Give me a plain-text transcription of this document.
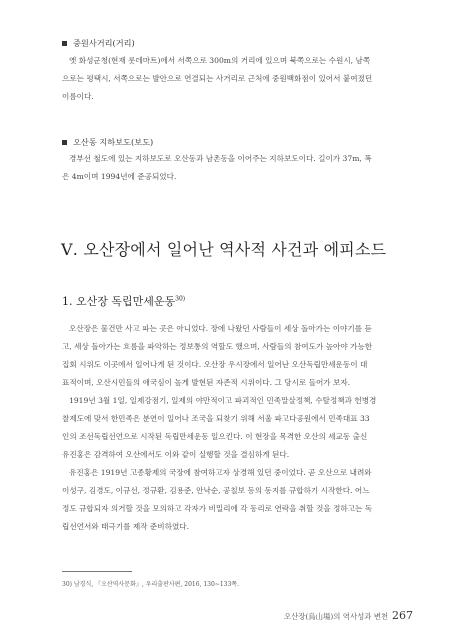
중원사거리(거리)
옛 화성군청(현재 롯데마트)에서 서쪽으로 300m의 거리에 있으며 북쪽으로는 수원시, 남쪽
으로는 평택시, 서쪽으로는 발안으로 연결되는 사거리로 근처에 중원백화점이 있어서 붙여졌던
이름이다.
오산동 지하보도(보도)
경부선 철도에 있는 지하보도로 오산동과 남촌동을 이어주는 지하보도이다. 길이가 37m, 폭
은 4m이며 1994년에 준공되었다.
Ⅴ. 오산장에서 일어난 역사적 사건과 에피소드
1. 오산장 독립만세운동$^{30)}$
오산장은 물건만 사고 파는 곳은 아니었다. 장에 나왔던 사람들이 세상 돌아가는 이야기를 듣
고, 세상 돌아가는 흐름을 파악하는 정보통의 역할도 했으며, 사람들의 참여도가 높아야 가능한
집회 시위도 이곳에서 일어나게 된 것이다. 오산장 우시장에서 일어난 오산독립만세운동이 대
표적이며, 오산시민들의 애국심이 높게 발현된 자존적 시위이다. 그 당시로 들어가 보자.
1919년 3월 1일, 일제강점기, 일제의 야만적이고 파괴적인 민족말살정책, 수탈정책과 헌병경
찰제도에 맞서 한민족은 분연이 일어나 조국을 되찾기 위해 서울 파고다공원에서 민족대표 33
인의 조선독립선언으로 시작된 독립만세운동 일으킨다. 이 현장을 목격한 오산의 세교동 출신
유진홍은 감격하여 오산에서도 이와 같이 실행할 것을 결심하게 된다.
유진홍은 1919년 고종황제의 국장에 참여하고자 상경해 있던 중이었다. 곧 오산으로 내려와
이성구, 김경도, 이규선, 정규환, 김용준, 안낙순, 공칠보 등의 동지를 규합하기 시작한다. 어느
정도 규합되자 의거할 것을 모의하고 각자가 비밀리에 각 동리로 연락을 취할 것을 정하고는 독
립선언서와 태극기를 제작 준비하였다.
30) 남경식, 『오산역사문화』, 우리출판사편, 2016, 130~133쪽.
오산장(烏山場)의 역사성과 변천 267
